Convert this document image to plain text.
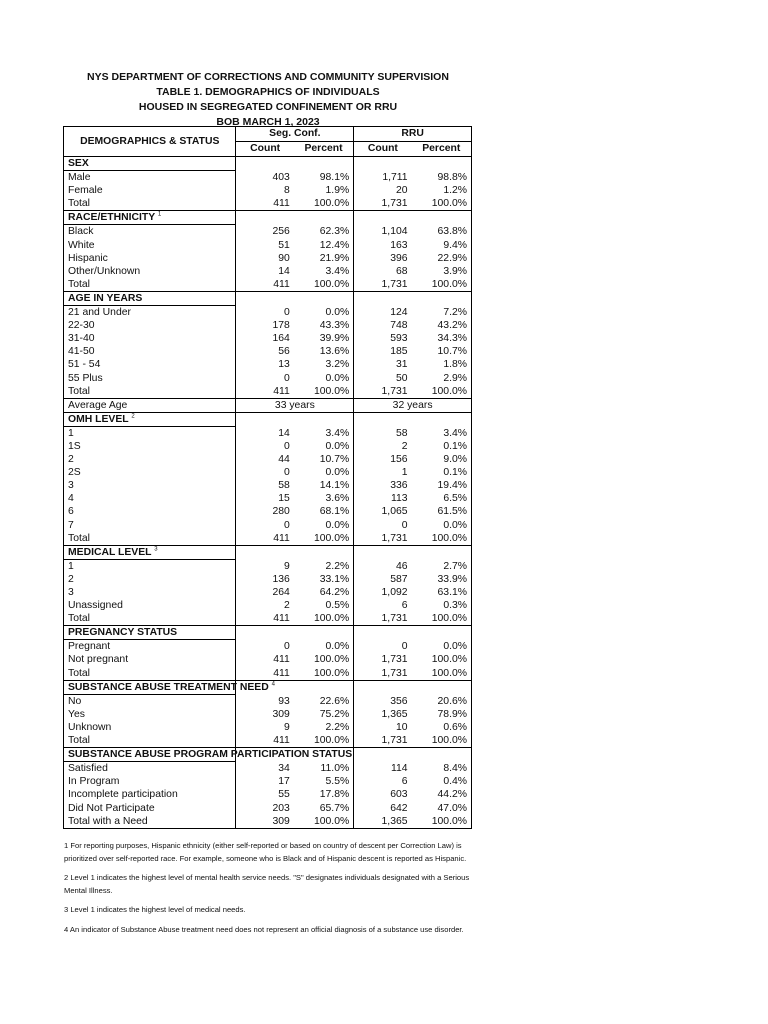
NYS DEPARTMENT OF CORRECTIONS AND COMMUNITY SUPERVISION
TABLE 1. DEMOGRAPHICS OF INDIVIDUALS
HOUSED IN SEGREGATED CONFINEMENT OR RRU
BOB MARCH 1, 2023
DEMOGRAPHICS & STATUS	Seg. Conf.		RRU	
	Count	Percent	Count	Percent
SEX				
Male	403	98.1%	1,711	98.8%
Female	8	1.9%	20	1.2%
Total	411	100.0%	1,731	100.0%
RACE/ETHNICITY $^1$				
Black	256	62.3%	1,104	63.8%
White	51	12.4%	163	9.4%
Hispanic	90	21.9%	396	22.9%
Other/Unknown	14	3.4%	68	3.9%
Total	411	100.0%	1,731	100.0%
AGE IN YEARS				
21 and Under	0	0.0%	124	7.2%
22-30	178	43.3%	748	43.2%
31-40	164	39.9%	593	34.3%
41-50	56	13.6%	185	10.7%
51 - 54	13	3.2%	31	1.8%
55 Plus	0	0.0%	50	2.9%
Total	411	100.0%	1,731	100.0%
Average Age	33 years		32 years	
OMH LEVEL $^2$				
1	14	3.4%	58	3.4%
1S	0	0.0%	2	0.1%
2	44	10.7%	156	9.0%
2S	0	0.0%	1	0.1%
3	58	14.1%	336	19.4%
4	15	3.6%	113	6.5%
6	280	68.1%	1,065	61.5%
7	0	0.0%	0	0.0%
Total	411	100.0%	1,731	100.0%
MEDICAL LEVEL $^3$				
1	9	2.2%	46	2.7%
2	136	33.1%	587	33.9%
3	264	64.2%	1,092	63.1%
Unassigned	2	0.5%	6	0.3%
Total	411	100.0%	1,731	100.0%
PREGNANCY STATUS				
Pregnant	0	0.0%	0	0.0%
Not pregnant	411	100.0%	1,731	100.0%
Total	411	100.0%	1,731	100.0%
SUBSTANCE ABUSE TREATMENT NEED $^4$				
No	93	22.6%	356	20.6%
Yes	309	75.2%	1,365	78.9%
Unknown	9	2.2%	10	0.6%
Total	411	100.0%	1,731	100.0%
SUBSTANCE ABUSE PROGRAM PARTICIPATION STATUS				
Satisfied	34	11.0%	114	8.4%
In Program	17	5.5%	6	0.4%
Incomplete participation	55	17.8%	603	44.2%
Did Not Participate	203	65.7%	642	47.0%
Total with a Need	309	100.0%	1,365	100.0%

1 For reporting purposes, Hispanic ethnicity (either self-reported or based on country of descent per Correction Law) is prioritized over self-reported race. For example, someone who is Black and of Hispanic descent is reported as Hispanic.

2 Level 1 indicates the highest level of mental health service needs. "S" designates individuals designated with a Serious Mental Illness.

3 Level 1 indicates the highest level of medical needs.

4 An indicator of Substance Abuse treatment need does not represent an official diagnosis of a substance use disorder.
